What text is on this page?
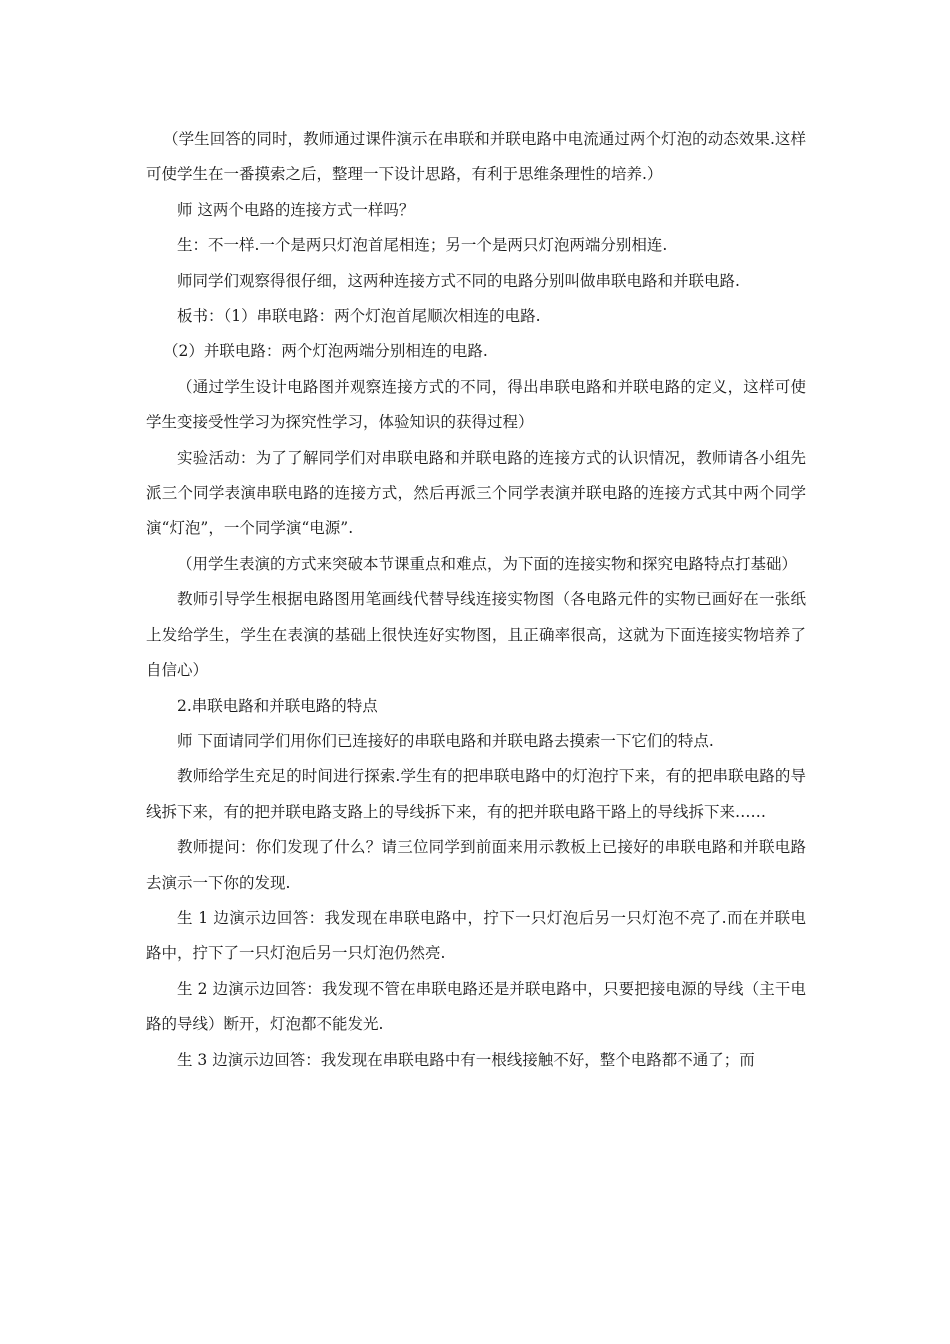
（学生回答的同时，教师通过课件演示在串联和并联电路中电流通过两个灯泡的动态效果.这样可使学生在一番摸索之后，整理一下设计思路，有利于思维条理性的培养.）

师 这两个电路的连接方式一样吗？

生：不一样.一个是两只灯泡首尾相连；另一个是两只灯泡两端分别相连.

师同学们观察得很仔细，这两种连接方式不同的电路分别叫做串联电路和并联电路.

板书：（1）串联电路：两个灯泡首尾顺次相连的电路.

（2）并联电路：两个灯泡两端分别相连的电路.

（通过学生设计电路图并观察连接方式的不同，得出串联电路和并联电路的定义，这样可使学生变接受性学习为探究性学习，体验知识的获得过程）

实验活动：为了了解同学们对串联电路和并联电路的连接方式的认识情况，教师请各小组先派三个同学表演串联电路的连接方式，然后再派三个同学表演并联电路的连接方式其中两个同学演“灯泡”，一个同学演“电源”.

（用学生表演的方式来突破本节课重点和难点，为下面的连接实物和探究电路特点打基础）

教师引导学生根据电路图用笔画线代替导线连接实物图（各电路元件的实物已画好在一张纸上发给学生，学生在表演的基础上很快连好实物图，且正确率很高，这就为下面连接实物培养了自信心）

2.串联电路和并联电路的特点

师 下面请同学们用你们已连接好的串联电路和并联电路去摸索一下它们的特点.

教师给学生充足的时间进行探索.学生有的把串联电路中的灯泡拧下来，有的把串联电路的导线拆下来，有的把并联电路支路上的导线拆下来，有的把并联电路干路上的导线拆下来……

教师提问：你们发现了什么？请三位同学到前面来用示教板上已接好的串联电路和并联电路去演示一下你的发现.

生 1 边演示边回答：我发现在串联电路中，拧下一只灯泡后另一只灯泡不亮了.而在并联电路中，拧下了一只灯泡后另一只灯泡仍然亮.

生 2 边演示边回答：我发现不管在串联电路还是并联电路中，只要把接电源的导线（主干电路的导线）断开，灯泡都不能发光.

生 3 边演示边回答：我发现在串联电路中有一根线接触不好，整个电路都不通了；而
